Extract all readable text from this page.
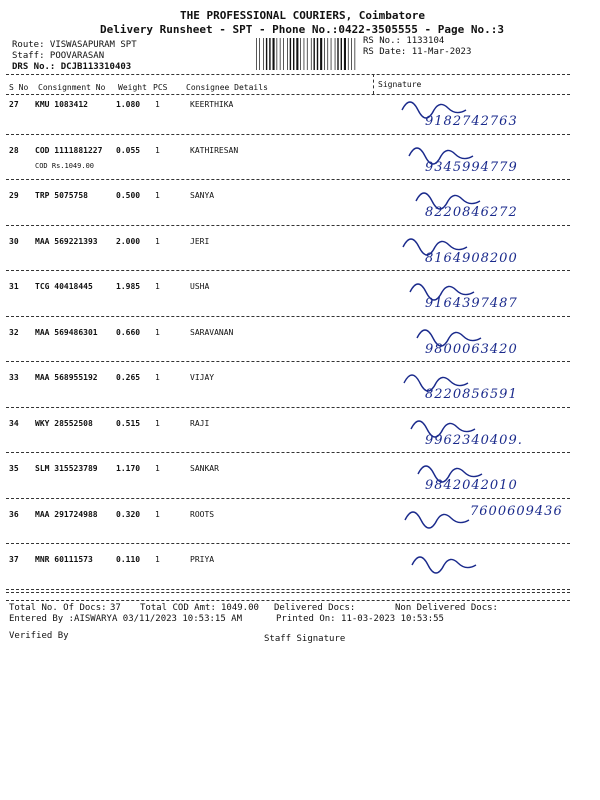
THE PROFESSIONAL COURIERS, Coimbatore
Delivery Runsheet - SPT - Phone No.:0422-3505555 - Page No.:3
Route: VISWASAPURAM SPT
Staff: POOVARASAN
DRS No.: DCJB113310403
RS No.: 1133104
RS Date: 11-Mar-2023
S No Consignment No Weight PCS Consignee Details	Signature
27 KMU 1083412	1.080 1	KEERTHIKA
9182742763
28 COD 1111881227 0.055 1	KATHIRESAN
COD Rs.1049.00	9345994779
29 TRP 5075758	0.500 1	SANYA
8220846272
30 MAA 569221393 2.000 1	JERI
8164908200
31 TCG 40418445	1.985 1	USHA
9164397487
32 MAA 569486301 0.660 1	SARAVANAN
9800063420
33 MAA 568955192 0.265 1	VIJAY
8220856591
34 WKY 28552508	0.515 1	RAJI
9962340409.
35 SLM 315523789 1.170 1	SANKAR
9842042010
36 MAA 291724988 0.320 1	ROOTS	7600609436
37 MNR 60111573	0.110 1	PRIYA
Total No. Of Docs: 37 Total COD Amt: 1049.00 Delivered Docs:	Non Delivered Docs:
Entered By :AISWARYA 03/11/2023 10:53:15 AM	Printed On: 11-03-2023 10:53:55
Verified By	Staff Signature
